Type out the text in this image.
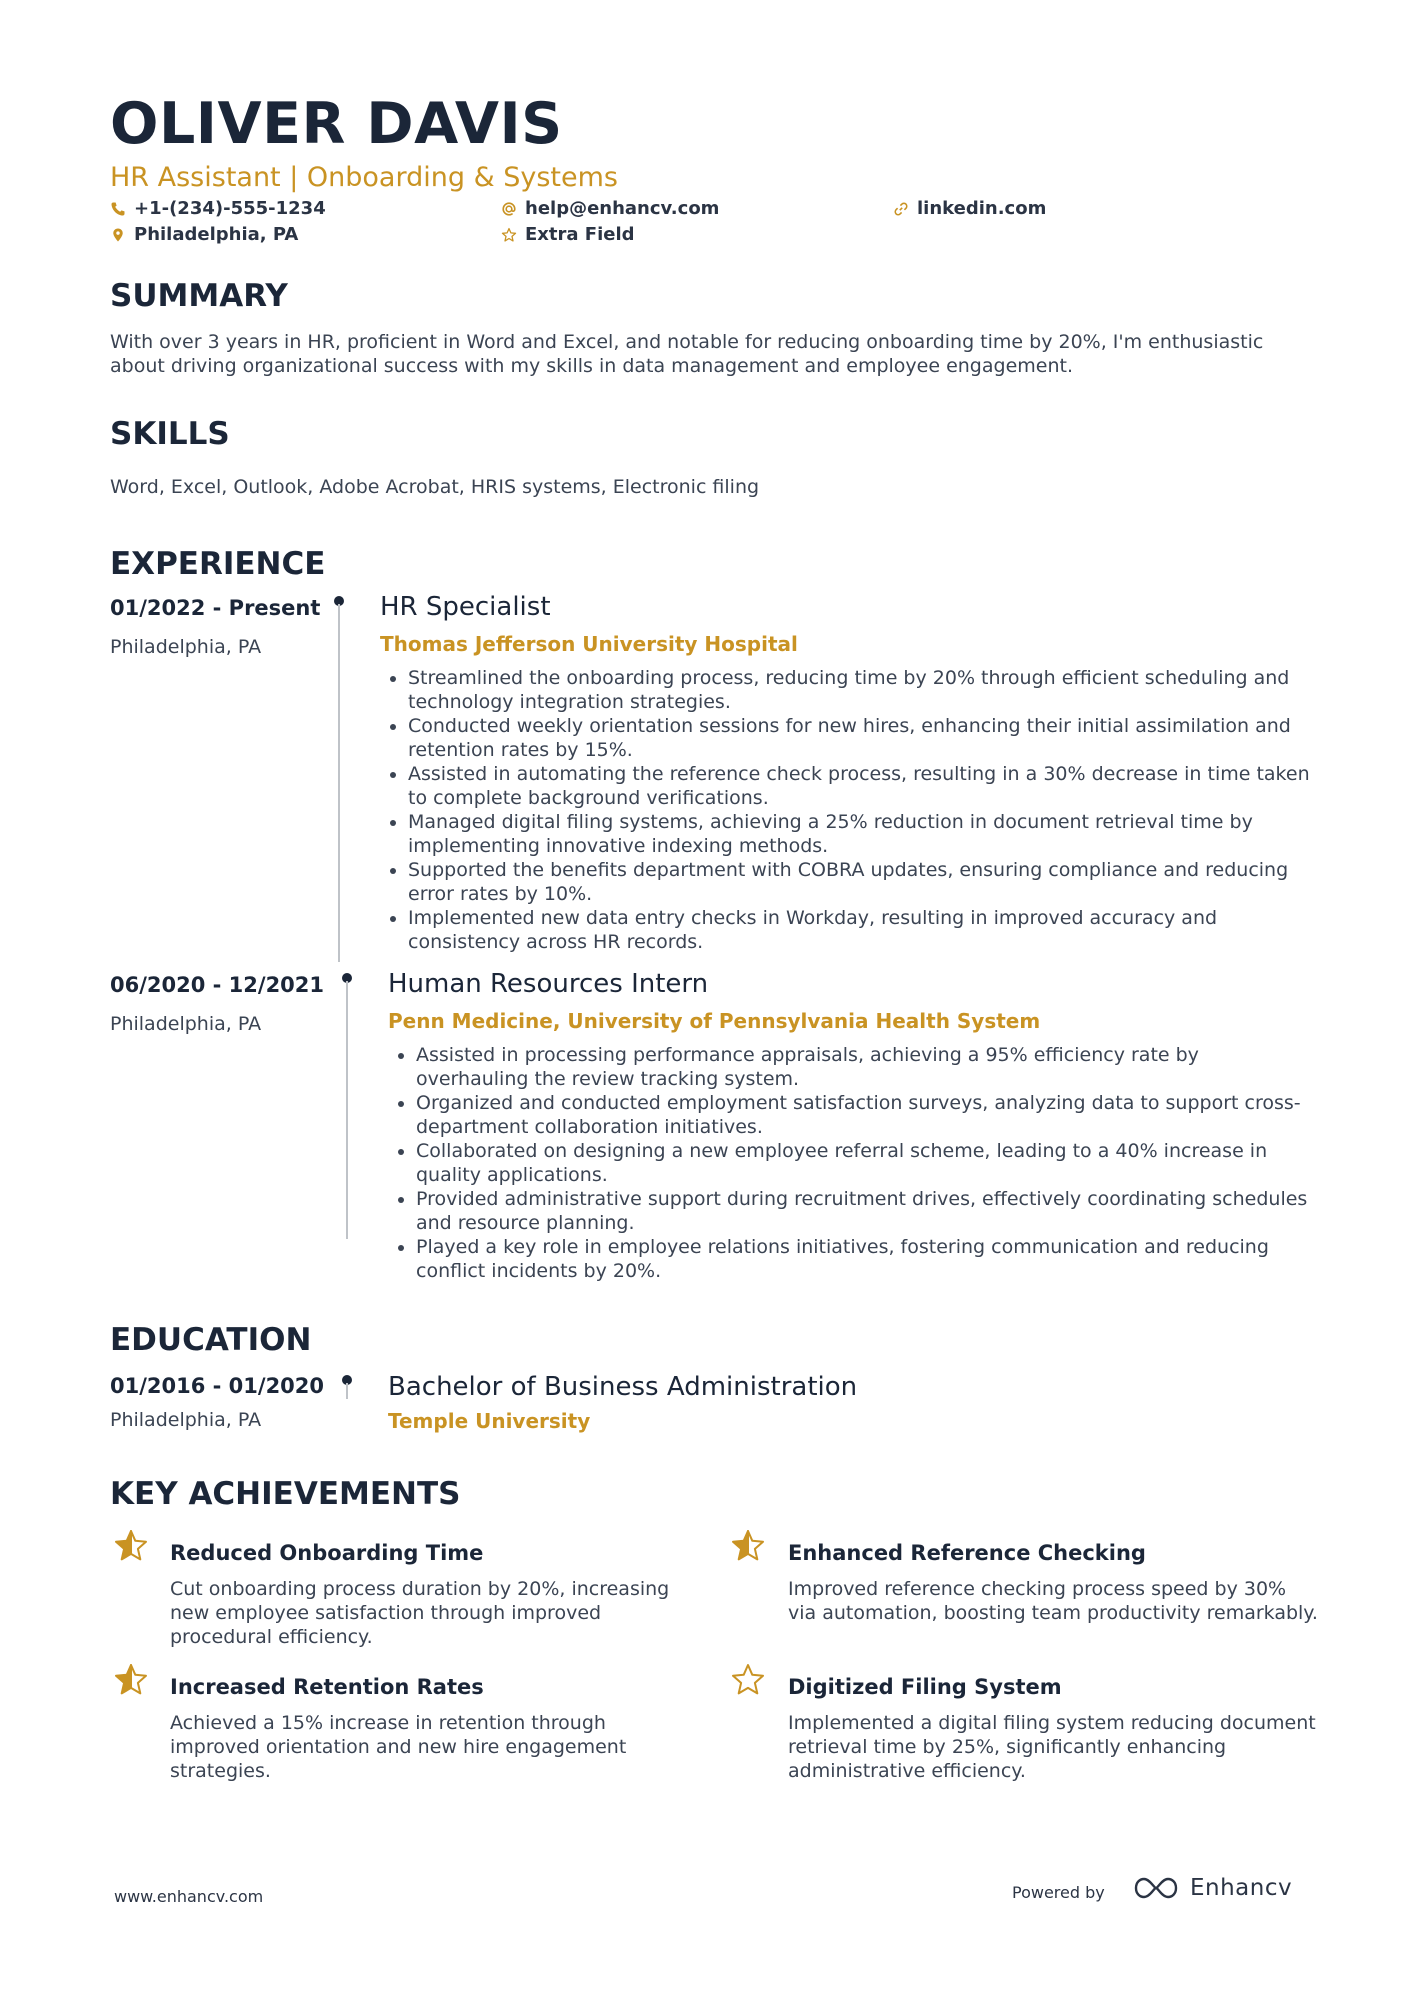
OLIVER DAVIS
HR Assistant | Onboarding & Systems
+1-(234)-555-1234	help@enhancv.com	linkedin.com
Philadelphia, PA	Extra Field
SUMMARY
With over 3 years in HR, proficient in Word and Excel, and notable for reducing onboarding time by 20%, I'm enthusiastic about driving organizational success with my skills in data management and employee engagement.
SKILLS
Word, Excel, Outlook, Adobe Acrobat, HRIS systems, Electronic filing
EXPERIENCE
01/2022 - Present
Philadelphia, PA
HR Specialist
Thomas Jefferson University Hospital
Streamlined the onboarding process, reducing time by 20% through efficient scheduling and technology integration strategies.
Conducted weekly orientation sessions for new hires, enhancing their initial assimilation and retention rates by 15%.
Assisted in automating the reference check process, resulting in a 30% decrease in time taken to complete background verifications.
Managed digital filing systems, achieving a 25% reduction in document retrieval time by implementing innovative indexing methods.
Supported the benefits department with COBRA updates, ensuring compliance and reducing error rates by 10%.
Implemented new data entry checks in Workday, resulting in improved accuracy and consistency across HR records.
06/2020 - 12/2021
Philadelphia, PA
Human Resources Intern
Penn Medicine, University of Pennsylvania Health System
Assisted in processing performance appraisals, achieving a 95% efficiency rate by overhauling the review tracking system.
Organized and conducted employment satisfaction surveys, analyzing data to support cross-department collaboration initiatives.
Collaborated on designing a new employee referral scheme, leading to a 40% increase in quality applications.
Provided administrative support during recruitment drives, effectively coordinating schedules and resource planning.
Played a key role in employee relations initiatives, fostering communication and reducing conflict incidents by 20%.
EDUCATION
01/2016 - 01/2020
Philadelphia, PA
Bachelor of Business Administration
Temple University
KEY ACHIEVEMENTS
Reduced Onboarding Time
Cut onboarding process duration by 20%, increasing new employee satisfaction through improved procedural efficiency.
Enhanced Reference Checking
Improved reference checking process speed by 30% via automation, boosting team productivity remarkably.
Increased Retention Rates
Achieved a 15% increase in retention through improved orientation and new hire engagement strategies.
Digitized Filing System
Implemented a digital filing system reducing document retrieval time by 25%, significantly enhancing administrative efficiency.
www.enhancv.com	Powered by	Enhancv
